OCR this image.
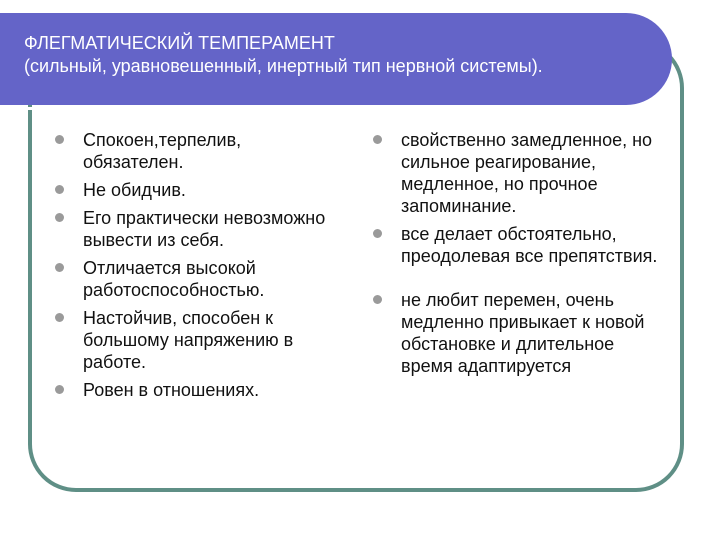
ФЛЕГМАТИЧЕСКИЙ ТЕМПЕРАМЕНТ
(сильный, уравновешенный, инертный тип нервной системы).
Спокоен,терпелив, обязателен.
Не обидчив.
Его практически невозможно вывести из себя.
Отличается высокой работоспособностью.
Настойчив, способен к большому напряжению в работе.
Ровен в отношениях.
свойственно замедленное, но сильное реагирование, медленное, но прочное запоминание.
все делает обстоятельно, преодолевая все препятствия.
не любит перемен, очень медленно привыкает к новой обстановке и длительное время адаптируется
